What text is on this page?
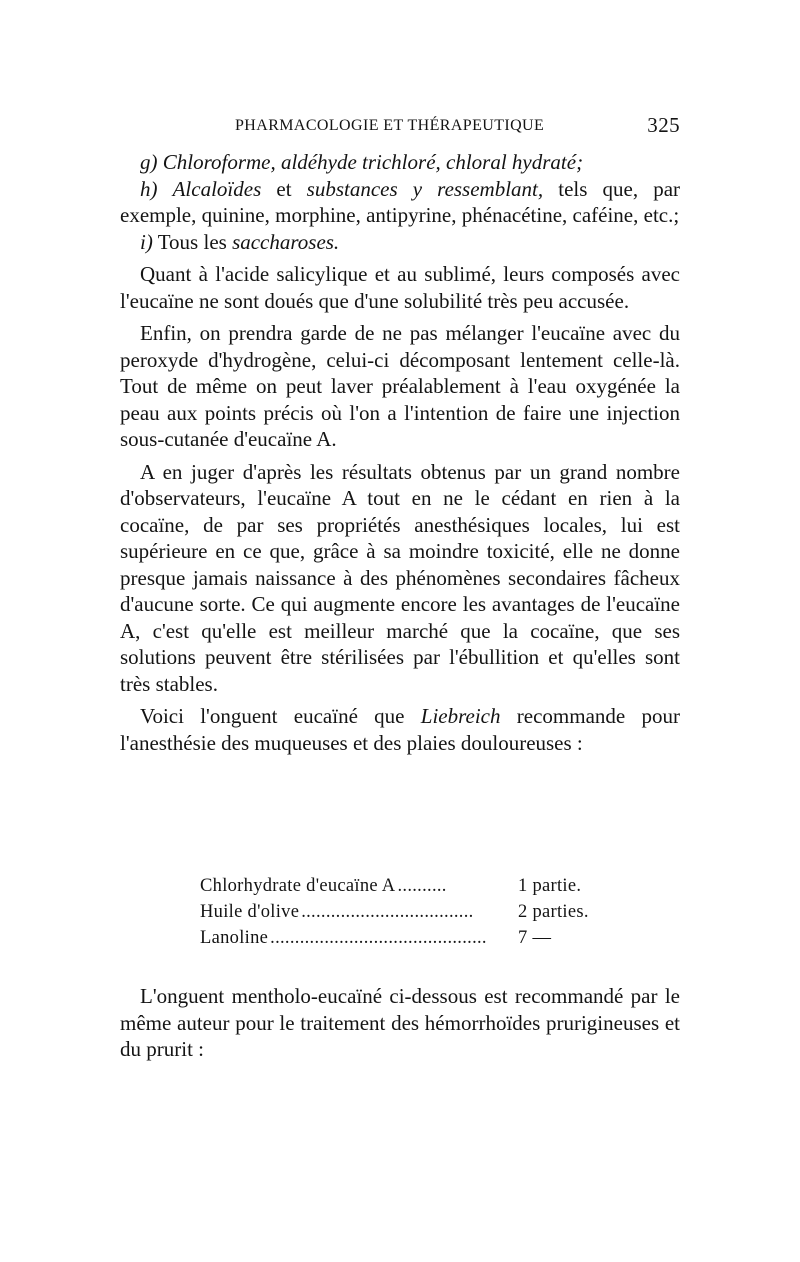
PHARMACOLOGIE ET THÉRAPEUTIQUE	325

g) Chloroforme, aldéhyde trichloré, chloral hydraté;

h) Alcaloïdes et substances y ressemblant, tels que, par exemple, quinine, morphine, antipyrine, phénacétine, caféine, etc.;

i) Tous les saccharoses.

Quant à l'acide salicylique et au sublimé, leurs composés avec l'eucaïne ne sont doués que d'une solubilité très peu accusée.

Enfin, on prendra garde de ne pas mélanger l'eucaïne avec du peroxyde d'hydrogène, celui-ci décomposant lentement celle-là. Tout de même on peut laver préalablement à l'eau oxygénée la peau aux points précis où l'on a l'intention de faire une injection sous-cutanée d'eucaïne A.

A en juger d'après les résultats obtenus par un grand nombre d'observateurs, l'eucaïne A tout en ne le cédant en rien à la cocaïne, de par ses propriétés anesthésiques locales, lui est supérieure en ce que, grâce à sa moindre toxicité, elle ne donne presque jamais naissance à des phénomènes secondaires fâcheux d'aucune sorte. Ce qui augmente encore les avantages de l'eucaïne A, c'est qu'elle est meilleur marché que la cocaïne, que ses solutions peuvent être stérilisées par l'ébullition et qu'elles sont très stables.

Voici l'onguent eucaïné que Liebreich recommande pour l'anesthésie des muqueuses et des plaies douloureuses :

Chlorhydrate d'eucaïne A ..........	1 partie.
Huile d'olive ...................................	2 parties.
Lanoline ............................................	7 —

L'onguent mentholo-eucaïné ci-dessous est recommandé par le même auteur pour le traitement des hémorrhoïdes prurigineuses et du prurit :
